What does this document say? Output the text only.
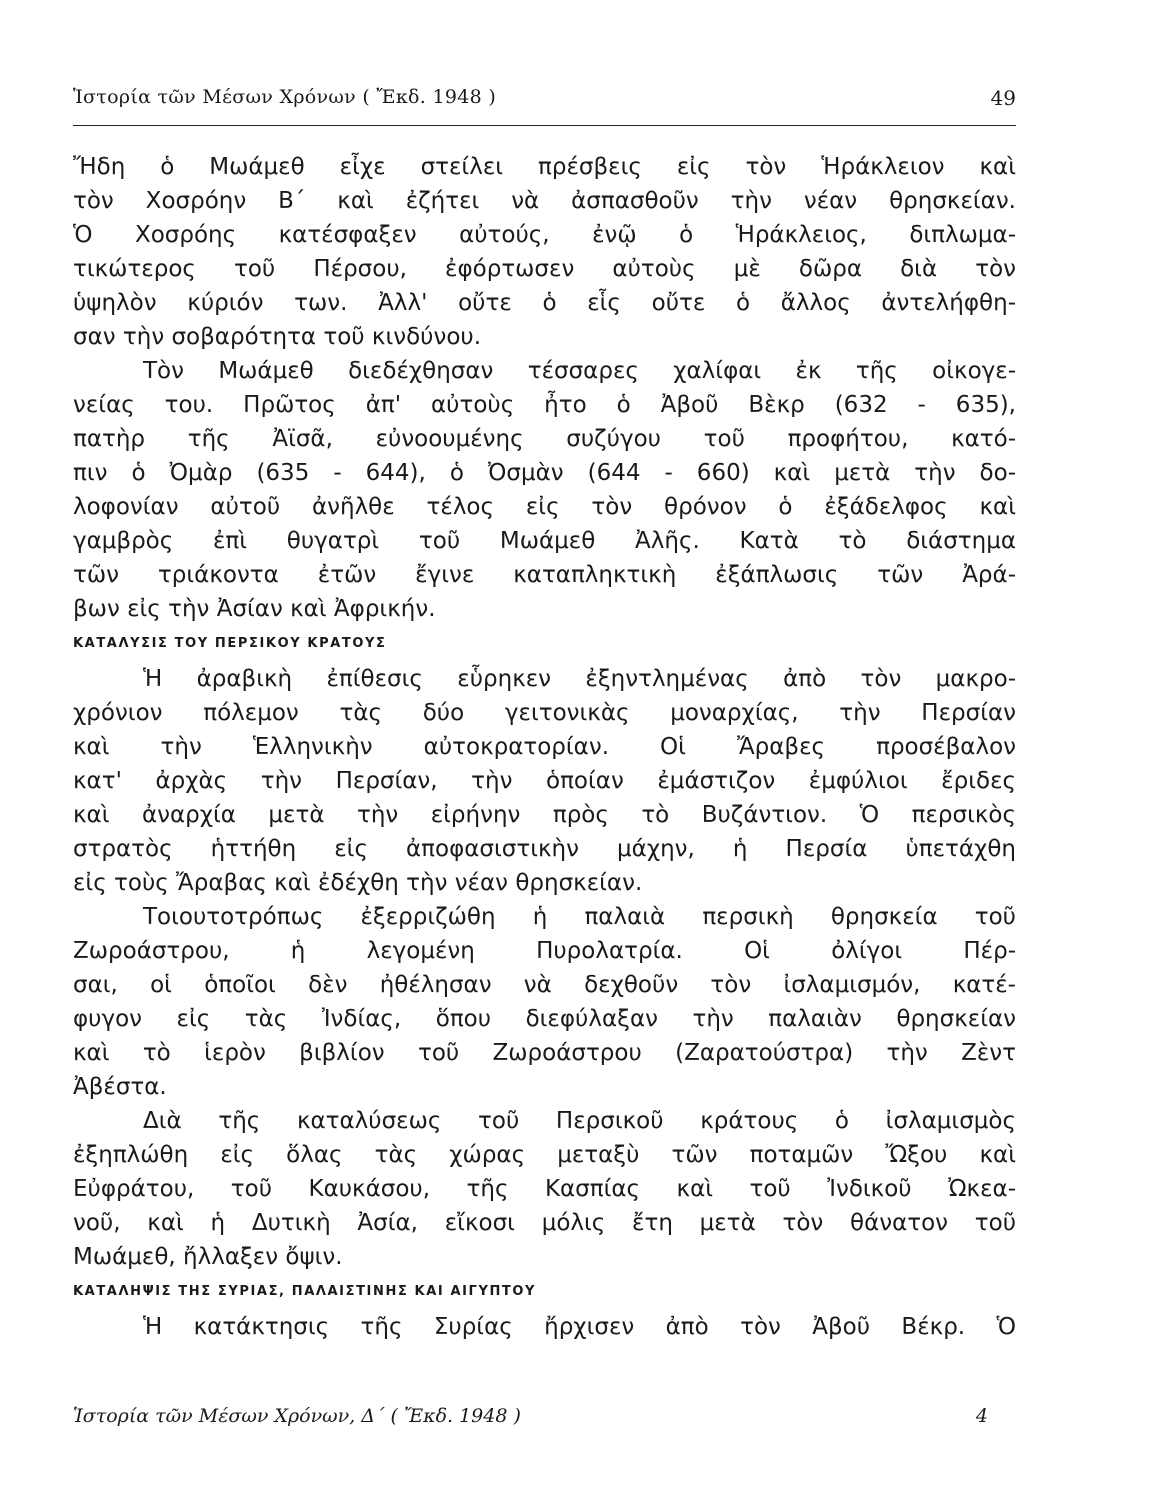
Ἱστορία τῶν Μέσων Χρόνων ( Ἔκδ. 1948 )	49
Ἤδη ὁ Μωάμεθ εἶχε στείλει πρέσβεις εἰς τὸν Ἡράκλειον καὶ
τὸν Χοσρόην Β΄ καὶ ἐζήτει νὰ ἀσπασθοῦν τὴν νέαν θρησκείαν.
Ὁ Χοσρόης κατέσφαξεν αὐτούς, ἐνῷ ὁ Ἡράκλειος, διπλωμα-
τικώτερος τοῦ Πέρσου, ἐφόρτωσεν αὐτοὺς μὲ δῶρα διὰ τὸν
ὑψηλὸν κύριόν των. Ἀλλ' οὔτε ὁ εἷς οὔτε ὁ ἄλλος ἀντελήφθη-
σαν τὴν σοβαρότητα τοῦ κινδύνου.
Τὸν Μωάμεθ διεδέχθησαν τέσσαρες χαλίφαι ἐκ τῆς οἰκογε-
νείας του. Πρῶτος ἀπ' αὐτοὺς ἦτο ὁ Ἀβοῦ Βὲκρ (632 - 635),
πατὴρ τῆς Ἀϊσᾶ, εὐνοουμένης συζύγου τοῦ προφήτου, κατό-
πιν ὁ Ὀμὰρ (635 - 644), ὁ Ὀσμὰν (644 - 660) καὶ μετὰ τὴν δο-
λοφονίαν αὐτοῦ ἀνῆλθε τέλος εἰς τὸν θρόνον ὁ ἐξάδελφος καὶ
γαμβρὸς ἐπὶ θυγατρὶ τοῦ Μωάμεθ Ἀλῆς. Κατὰ τὸ διάστημα
τῶν τριάκοντα ἐτῶν ἔγινε καταπληκτικὴ ἐξάπλωσις τῶν Ἀρά-
βων εἰς τὴν Ἀσίαν καὶ Ἀφρικήν.
ΚΑΤΑΛΥΣΙΣ ΤΟΥ ΠΕΡΣΙΚΟΥ ΚΡΑΤΟΥΣ
Ἡ ἀραβικὴ ἐπίθεσις εὗρηκεν ἐξηντλημένας ἀπὸ τὸν μακρο-
χρόνιον πόλεμον τὰς δύο γειτονικὰς μοναρχίας, τὴν Περσίαν
καὶ τὴν Ἑλληνικὴν αὐτοκρατορίαν. Οἱ Ἄραβες προσέβαλον
κατ' ἀρχὰς τὴν Περσίαν, τὴν ὁποίαν ἐμάστιζον ἐμφύλιοι ἔριδες
καὶ ἀναρχία μετὰ τὴν εἰρήνην πρὸς τὸ Βυζάντιον. Ὁ περσικὸς
στρατὸς ἡττήθη εἰς ἀποφασιστικὴν μάχην, ἡ Περσία ὑπετάχθη
εἰς τοὺς Ἄραβας καὶ ἐδέχθη τὴν νέαν θρησκείαν.
Τοιουτοτρόπως ἐξερριζώθη ἡ παλαιὰ περσικὴ θρησκεία τοῦ
Ζωροάστρου, ἡ λεγομένη Πυρολατρία. Οἱ ὀλίγοι Πέρ-
σαι, οἱ ὁποῖοι δὲν ἠθέλησαν νὰ δεχθοῦν τὸν ἰσλαμισμόν, κατέ-
φυγον εἰς τὰς Ἰνδίας, ὅπου διεφύλαξαν τὴν παλαιὰν θρησκείαν
καὶ τὸ ἱερὸν βιβλίον τοῦ Ζωροάστρου (Ζαρατούστρα) τὴν Ζὲντ
Ἀβέστα.
Διὰ τῆς καταλύσεως τοῦ Περσικοῦ κράτους ὁ ἰσλαμισμὸς
ἐξηπλώθη εἰς ὅλας τὰς χώρας μεταξὺ τῶν ποταμῶν Ὤξου καὶ
Εὐφράτου, τοῦ Καυκάσου, τῆς Κασπίας καὶ τοῦ Ἰνδικοῦ Ὠκεα-
νοῦ, καὶ ἡ Δυτικὴ Ἀσία, εἴκοσι μόλις ἔτη μετὰ τὸν θάνατον τοῦ
Μωάμεθ, ἤλλαξεν ὄψιν.
ΚΑΤΑΛΗΨΙΣ ΤΗΣ ΣΥΡΙΑΣ, ΠΑΛΑΙΣΤΙΝΗΣ ΚΑΙ ΑΙΓΥΠΤΟΥ
Ἡ κατάκτησις τῆς Συρίας ἤρχισεν ἀπὸ τὸν Ἀβοῦ Βέκρ. Ὁ
Ἱστορία τῶν Μέσων Χρόνων, Δ΄ ( Ἔκδ. 1948 )	4
